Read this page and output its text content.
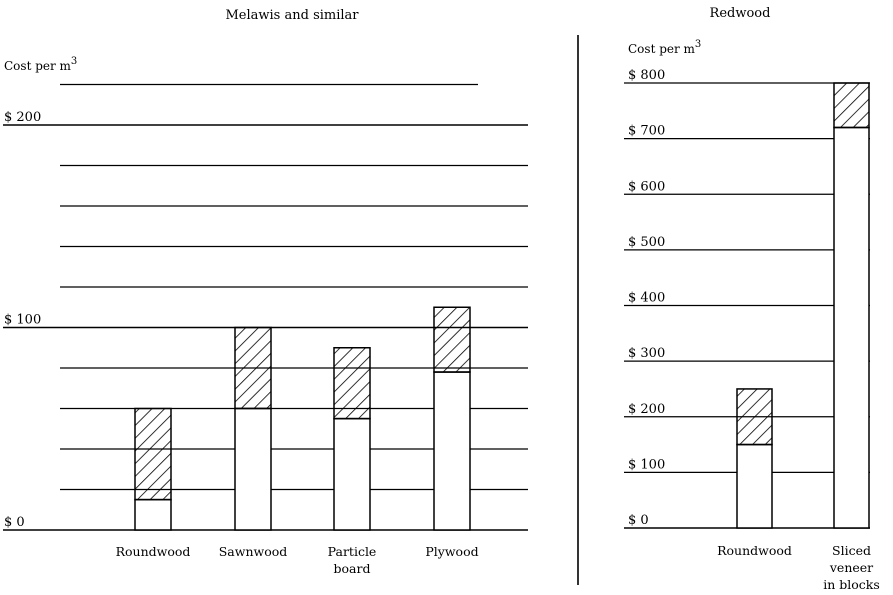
Melawis and similar
Cost per $m^3$
$ 0
$ 100
$ 200
Roundwood Sawnwood	Particle
board
Plywood
Redwood
Cost per $m^3$
$ 0
$ 100
$ 200
$ 300
$ 400
$ 500
$ 600
$ 700
$ 800
Roundwood	Sliced
veneer
in blocks
